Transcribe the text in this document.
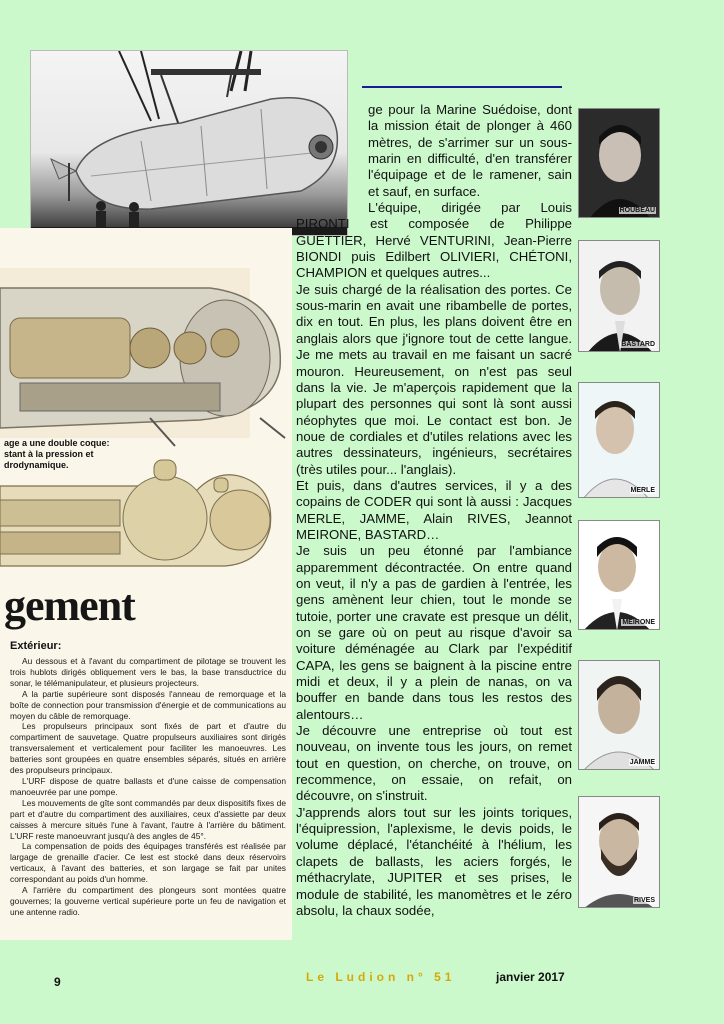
age a une double coque:
stant à la pression et
drodynamique.
gement
Extérieur:

Au dessous et à l'avant du compartiment de pilotage se trouvent les trois hublots dirigés obliquement vers le bas, la base transductrice du sonar, le télémanipulateur, et plusieurs projecteurs.

A la partie supérieure sont disposés l'anneau de remorquage et la boîte de connection pour transmission d'énergie et de communications au moyen du câble de remorquage.

Les propulseurs principaux sont fixés de part et d'autre du compartiment de sauvetage. Quatre propulseurs auxiliaires sont dirigés transversalement et verticalement pour faciliter les manoeuvres. Les batteries sont groupées en quatre ensembles séparés, situés en arrière des propulseurs principaux.

L'URF dispose de quatre ballasts et d'une caisse de compensation manoeuvrée par une pompe.

Les mouvements de gîte sont commandés par deux dispositifs fixes de part et d'autre du compartiment des auxiliaires, ceux d'assiette par deux caisses à mercure situés l'une à l'avant, l'autre à l'arrière du bâtiment. L'URF reste manoeuvrant jusqu'à des angles de 45°.

La compensation de poids des équipages transférés est réalisée par largage de grenaille d'acier. Ce lest est stocké dans deux réservoirs verticaux, à l'avant des batteries, et son largage se fait par unites correspondant au poids d'un homme.

A l'arrière du compartiment des plongeurs sont montées quatre gouvernes; la gouverne vertical supérieure porte un feu de navigation et une antenne radio.

ge pour la Marine Suédoise, dont la mission était de plonger à 460 mètres, de s'arrimer sur un sous-marin en difficulté, d'en transférer l'équipage et de le ramener, sain et sauf, en surface.

L'équipe, dirigée par Louis PIRONTI est composée de Philippe GUETTIER, Hervé VENTURINI, Jean-Pierre BIONDI puis Edilbert OLIVIERI, CHÉTONI, CHAMPION et quelques autres...

Je suis chargé de la réalisation des portes. Ce sous-marin en avait une ribambelle de portes, dix en tout. En plus, les plans doivent être en anglais alors que j'ignore tout de cette langue. Je me mets au travail en me faisant un sacré mouron. Heureusement, on n'est pas seul dans la vie. Je m'aperçois rapidement que la plupart des personnes qui sont là sont aussi néophytes que moi. Le contact est bon. Je noue de cordiales et d'utiles relations avec les autres dessinateurs, ingénieurs, secrétaires (très utiles pour... l'anglais).

Et puis, dans d'autres services, il y a des copains de CODER qui sont là aussi : Jacques MERLE, JAMME, Alain RIVES, Jeannot MEIRONE, BASTARD…

Je suis un peu étonné par l'ambiance apparemment décontractée. On entre quand on veut, il n'y a pas de gardien à l'entrée, les gens amènent leur chien, tout le monde se tutoie, porter une cravate est presque un délit, on se gare où on peut au risque d'avoir sa voiture déménagée au Clark par l'expéditif CAPA, les gens se baignent à la piscine entre midi et deux, il y a plein de nanas, on va bouffer en bande dans tous les restos des alentours…

Je découvre une entreprise où tout est nouveau, on invente tous les jours, on remet tout en question, on cherche, on trouve, on recommence, on essaie, on refait, on découvre, on s'instruit.

J'apprends alors tout sur les joints toriques, l'équipression, l'aplexisme, le devis poids, le volume déplacé, l'étanchéité à l'hélium, les clapets de ballasts, les aciers forgés, le méthacrylate, JUPITER et ses prises, le module de stabilité, les manomètres et le zéro absolu, la chaux sodée,

ROUBEAU
BASTARD
MERLE
MEIRONE
JAMME
RIVES
9	Le Ludion n° 51	janvier 2017
